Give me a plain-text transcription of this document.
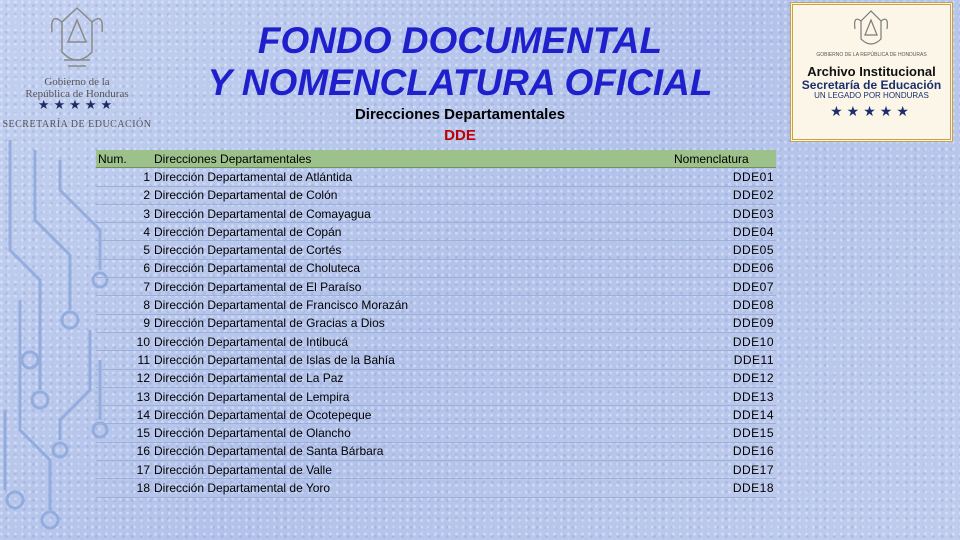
Gobierno de la
República de Honduras
★★★★★
SECRETARÍA DE EDUCACIÓN
FONDO DOCUMENTAL
Y NOMENCLATURA OFICIAL
Direcciones Departamentales
DDE
GOBIERNO DE LA REPÚBLICA DE HONDURAS
Archivo Institucional
Secretaría de Educación
UN LEGADO POR HONDURAS
★★★★★
Num.	Direcciones Departamentales	Nomenclatura
1	Dirección Departamental de Atlántida	DDE01
2	Dirección Departamental de Colón	DDE02
3	Dirección Departamental de Comayagua	DDE03
4	Dirección Departamental de Copán	DDE04
5	Dirección Departamental de Cortés	DDE05
6	Dirección Departamental de Choluteca	DDE06
7	Dirección Departamental de El Paraíso	DDE07
8	Dirección Departamental de Francisco Morazán	DDE08
9	Dirección Departamental de Gracias a Dios	DDE09
10	Dirección Departamental de Intibucá	DDE10
11	Dirección Departamental de Islas de la Bahía	DDE11
12	Dirección Departamental de La Paz	DDE12
13	Dirección Departamental de Lempira	DDE13
14	Dirección Departamental de Ocotepeque	DDE14
15	Dirección Departamental de Olancho	DDE15
16	Dirección Departamental de Santa Bárbara	DDE16
17	Dirección Departamental de Valle	DDE17
18	Dirección Departamental de Yoro	DDE18
